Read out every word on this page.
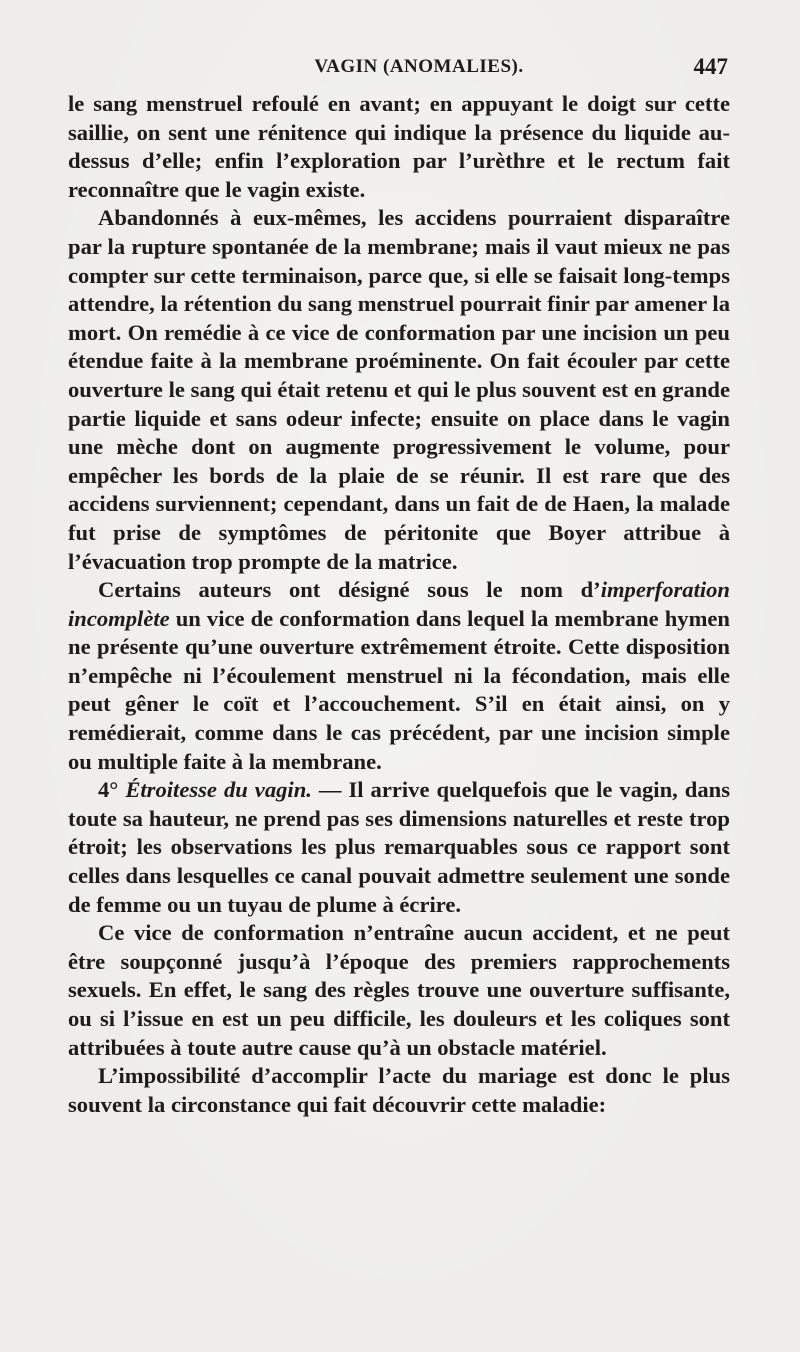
VAGIN (ANOMALIES).	447

le sang menstruel refoulé en avant; en appuyant le doigt sur cette saillie, on sent une rénitence qui indique la présence du liquide au-dessus d’elle; enfin l’exploration par l’urèthre et le rectum fait reconnaître que le vagin existe.

Abandonnés à eux-mêmes, les accidens pourraient disparaître par la rupture spontanée de la membrane; mais il vaut mieux ne pas compter sur cette terminaison, parce que, si elle se faisait long-temps attendre, la rétention du sang menstruel pourrait finir par amener la mort. On remédie à ce vice de conformation par une incision un peu étendue faite à la membrane proéminente. On fait écouler par cette ouverture le sang qui était retenu et qui le plus souvent est en grande partie liquide et sans odeur infecte; ensuite on place dans le vagin une mèche dont on augmente progressivement le volume, pour empêcher les bords de la plaie de se réunir. Il est rare que des accidens surviennent; cependant, dans un fait de de Haen, la malade fut prise de symptômes de péritonite que Boyer attribue à l’évacuation trop prompte de la matrice.

Certains auteurs ont désigné sous le nom d’imperforation incomplète un vice de conformation dans lequel la membrane hymen ne présente qu’une ouverture extrêmement étroite. Cette disposition n’empêche ni l’écoulement menstruel ni la fécondation, mais elle peut gêner le coït et l’accouchement. S’il en était ainsi, on y remédierait, comme dans le cas précédent, par une incision simple ou multiple faite à la membrane.

4° Étroitesse du vagin. — Il arrive quelquefois que le vagin, dans toute sa hauteur, ne prend pas ses dimensions naturelles et reste trop étroit; les observations les plus remarquables sous ce rapport sont celles dans lesquelles ce canal pouvait admettre seulement une sonde de femme ou un tuyau de plume à écrire.

Ce vice de conformation n’entraîne aucun accident, et ne peut être soupçonné jusqu’à l’époque des premiers rapprochements sexuels. En effet, le sang des règles trouve une ouverture suffisante, ou si l’issue en est un peu difficile, les douleurs et les coliques sont attribuées à toute autre cause qu’à un obstacle matériel.

L’impossibilité d’accomplir l’acte du mariage est donc le plus souvent la circonstance qui fait découvrir cette maladie:
